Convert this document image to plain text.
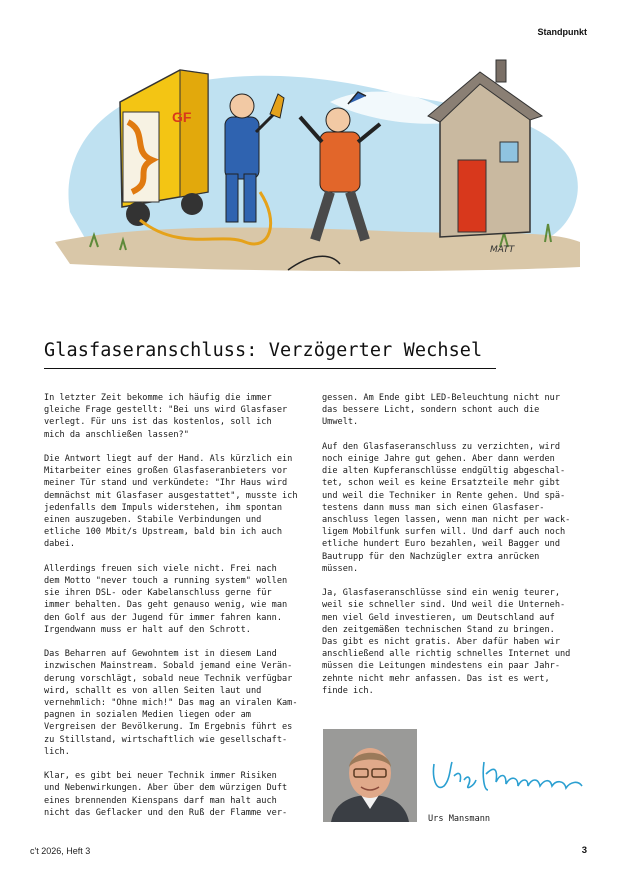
Standpunkt
GF
MATT
Glasfaseranschluss: Verzögerter Wechsel

In letzter Zeit bekomme ich häufig die immer
gleiche Frage gestellt: "Bei uns wird Glasfaser
verlegt. Für uns ist das kostenlos, soll ich
mich da anschließen lassen?"

Die Antwort liegt auf der Hand. Als kürzlich ein
Mitarbeiter eines großen Glasfaseranbieters vor
meiner Tür stand und verkündete: "Ihr Haus wird
demnächst mit Glasfaser ausgestattet", musste ich
jedenfalls dem Impuls widerstehen, ihm spontan
einen auszugeben. Stabile Verbindungen und
etliche 100 Mbit/s Upstream, bald bin ich auch
dabei.

Allerdings freuen sich viele nicht. Frei nach
dem Motto "never touch a running system" wollen
sie ihren DSL- oder Kabelanschluss gerne für
immer behalten. Das geht genauso wenig, wie man
den Golf aus der Jugend für immer fahren kann.
Irgendwann muss er halt auf den Schrott.

Das Beharren auf Gewohntem ist in diesem Land
inzwischen Mainstream. Sobald jemand eine Verän-
derung vorschlägt, sobald neue Technik verfügbar
wird, schallt es von allen Seiten laut und
vernehmlich: "Ohne mich!" Das mag an viralen Kam-
pagnen in sozialen Medien liegen oder am
Vergreisen der Bevölkerung. Im Ergebnis führt es
zu Stillstand, wirtschaftlich wie gesellschaft-
lich.

Klar, es gibt bei neuer Technik immer Risiken
und Nebenwirkungen. Aber über dem würzigen Duft
eines brennenden Kienspans darf man halt auch
nicht das Geflacker und den Ruß der Flamme ver-

gessen. Am Ende gibt LED-Beleuchtung nicht nur
das bessere Licht, sondern schont auch die
Umwelt.

Auf den Glasfaseranschluss zu verzichten, wird
noch einige Jahre gut gehen. Aber dann werden
die alten Kupferanschlüsse endgültig abgeschal-
tet, schon weil es keine Ersatzteile mehr gibt
und weil die Techniker in Rente gehen. Und spä-
testens dann muss man sich einen Glasfaser-
anschluss legen lassen, wenn man nicht per wack-
ligem Mobilfunk surfen will. Und darf auch noch
etliche hundert Euro bezahlen, weil Bagger und
Bautrupp für den Nachzügler extra anrücken
müssen.

Ja, Glasfaseranschlüsse sind ein wenig teurer,
weil sie schneller sind. Und weil die Unterneh-
men viel Geld investieren, um Deutschland auf
den zeitgemäßen technischen Stand zu bringen.
Das gibt es nicht gratis. Aber dafür haben wir
anschließend alle richtig schnelles Internet und
müssen die Leitungen mindestens ein paar Jahr-
zehnte nicht mehr anfassen. Das ist es wert,
finde ich.

Urs Mansmann
c't 2026, Heft 3	3
